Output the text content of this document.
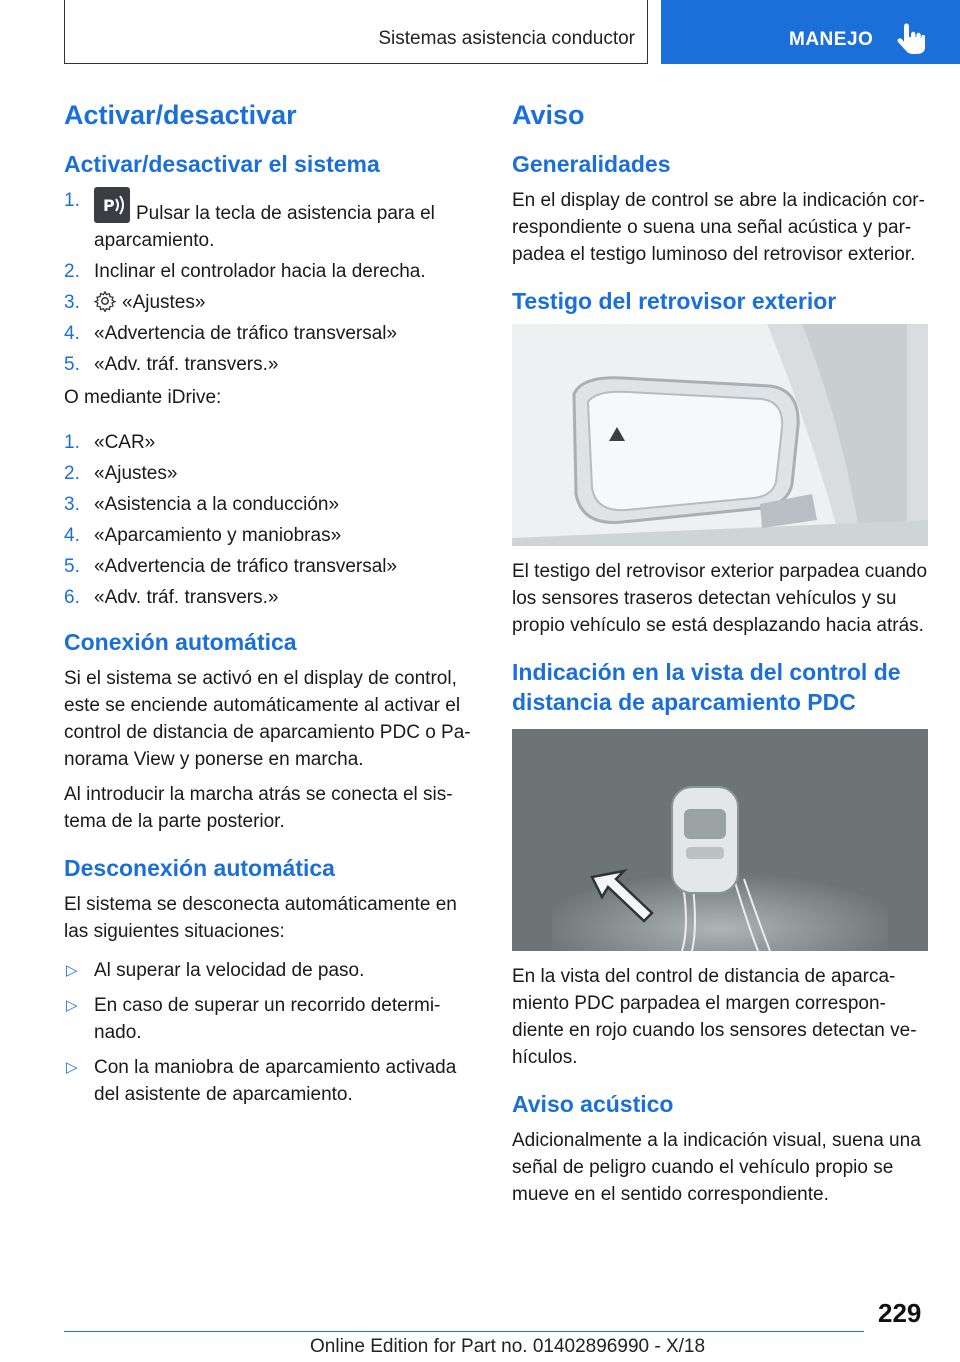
Sistemas asistencia conductor	MANEJO
Activar/desactivar
Activar/desactivar el sistema
1. P Pulsar la tecla de asistencia para el aparcamiento.
2. Inclinar el controlador hacia la derecha.
3. «Ajustes»
4. «Advertencia de tráfico transversal»
5. «Adv. tráf. transvers.»

O mediante iDrive:

1. «CAR»
2. «Ajustes»
3. «Asistencia a la conducción»
4. «Aparcamiento y maniobras»
5. «Advertencia de tráfico transversal»
6. «Adv. tráf. transvers.»
Conexión automática

Si el sistema se activó en el display de control, este se enciende automáticamente al activar el control de distancia de aparcamiento PDC o Pa- norama View y ponerse en marcha.

Al introducir la marcha atrás se conecta el sis- tema de la parte posterior.

Desconexión automática

El sistema se desconecta automáticamente en las siguientes situaciones:

▷ Al superar la velocidad de paso.
▷ En caso de superar un recorrido determi- nado.
▷ Con la maniobra de aparcamiento activada del asistente de aparcamiento.
Aviso
Generalidades

En el display de control se abre la indicación cor- respondiente o suena una señal acústica y par- padea el testigo luminoso del retrovisor exterior.

Testigo del retrovisor exterior

El testigo del retrovisor exterior parpadea cuando los sensores traseros detectan vehículos y su propio vehículo se está desplazando hacia atrás.

Indicación en la vista del control de distancia de aparcamiento PDC

En la vista del control de distancia de aparca- miento PDC parpadea el margen correspon- diente en rojo cuando los sensores detectan ve- hículos.

Aviso acústico

Adicionalmente a la indicación visual, suena una señal de peligro cuando el vehículo propio se mueve en el sentido correspondiente.

229
Online Edition for Part no. 01402896990 - X/18
